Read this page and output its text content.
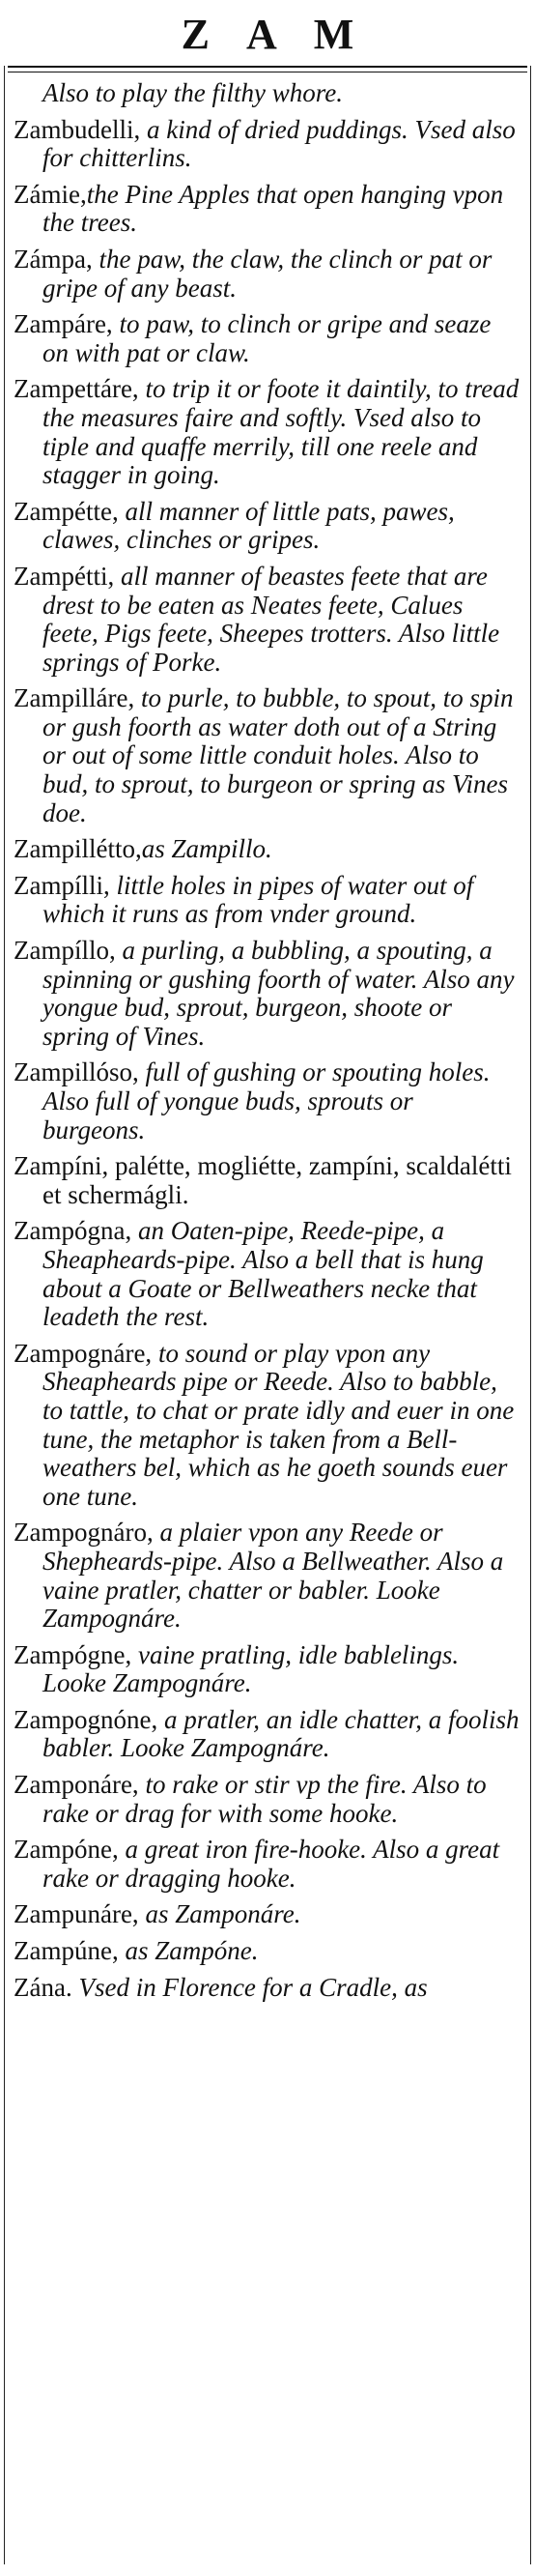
ZAM
Also to play the filthy whore.
Zambudelli, a kind of dried puddings. Vsed also for chitterlins.
Zámie,the Pine Apples that open hanging vpon the trees.
Zámpa, the paw, the claw, the clinch or pat or gripe of any beast.
Zampáre, to paw, to clinch or gripe and seaze on with pat or claw.
Zampettáre, to trip it or foote it daintily, to tread the measures faire and softly. Vsed also to tiple and quaffe merrily, till one reele and stagger in going.
Zampétte, all manner of little pats, pawes, clawes, clinches or gripes.
Zampétti, all manner of beastes feete that are drest to be eaten as Neates feete, Calues feete, Pigs feete, Sheepes trotters. Also little springs of Porke.
Zampilláre, to purle, to bubble, to spout, to spin or gush foorth as water doth out of a String or out of some little conduit holes. Also to bud, to sprout, to burgeon or spring as Vines doe.
Zampillétto,as Zampillo.
Zampílli, little holes in pipes of water out of which it runs as from vnder ground.
Zampíllo, a purling, a bubbling, a spouting, a spinning or gushing foorth of water. Also any yongue bud, sprout, burgeon, shoote or spring of Vines.
Zampillóso, full of gushing or spouting holes. Also full of yongue buds, sprouts or burgeons.
Zampíni, palétte, mogliétte, zampíni, scaldalétti et schermágli.
Zampógna, an Oaten-pipe, Reede-pipe, a Sheapheards-pipe. Also a bell that is hung about a Goate or Bellweathers necke that leadeth the rest.
Zampognáre, to sound or play vpon any Sheapheards pipe or Reede. Also to babble, to tattle, to chat or prate idly and euer in one tune, the metaphor is taken from a Bell-weathers bel, which as he goeth sounds euer one tune.
Zampognáro, a plaier vpon any Reede or Shepheards-pipe. Also a Bellweather. Also a vaine pratler, chatter or babler. Looke Zampognáre.
Zampógne, vaine pratling, idle bablelings. Looke Zampognáre.
Zampognóne, a pratler, an idle chatter, a foolish babler. Looke Zampognáre.
Zamponáre, to rake or stir vp the fire. Also to rake or drag for with some hooke.
Zampóne, a great iron fire-hooke. Also a great rake or dragging hooke.
Zampunáre, as Zamponáre.
Zampúne, as Zampóne.
Zána. Vsed in Florence for a Cradle, as
